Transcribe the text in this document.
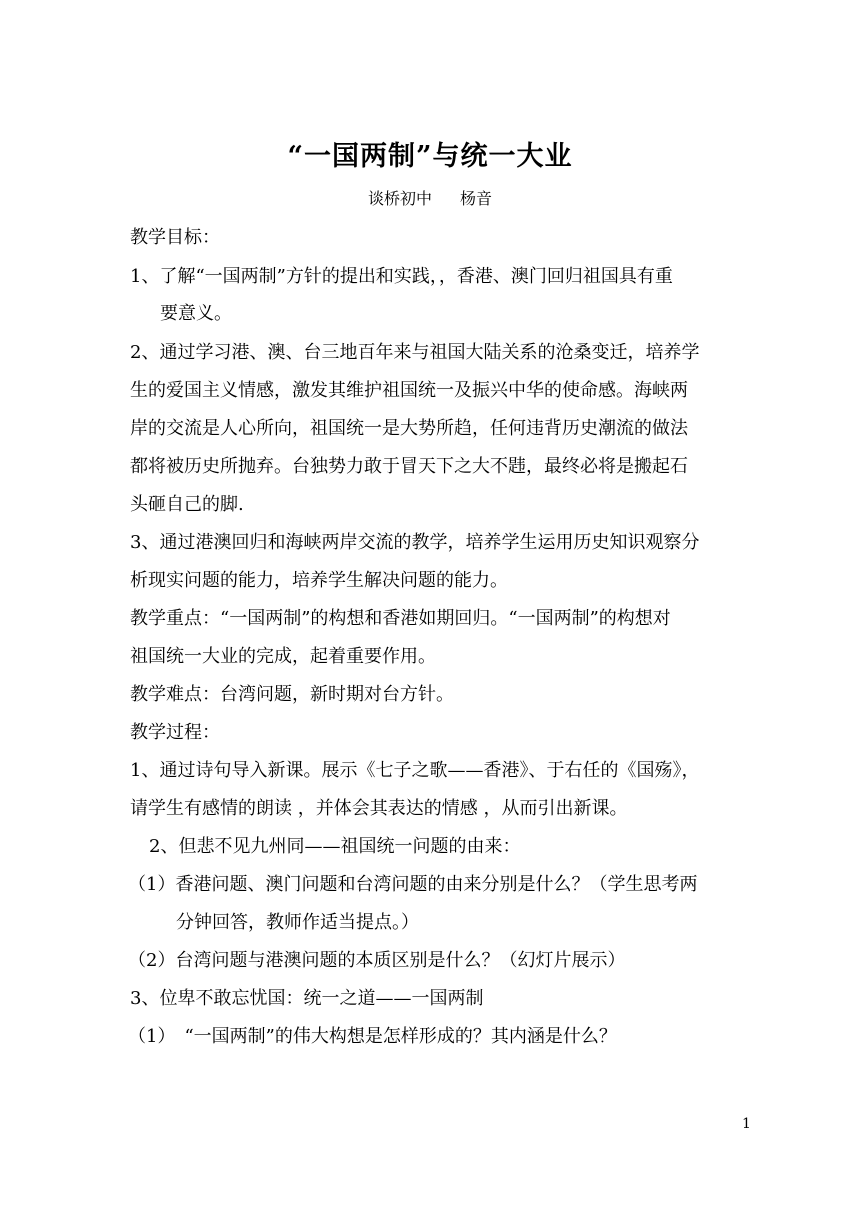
“一国两制”与统一大业
谈桥初中 杨音
教学目标：
1、了解“一国两制”方针的提出和实践，，香港、澳门回归祖国具有重
要意义。
2、通过学习港、澳、台三地百年来与祖国大陆关系的沧桑变迁，培养学
生的爱国主义情感，激发其维护祖国统一及振兴中华的使命感。海峡两
岸的交流是人心所向，祖国统一是大势所趋，任何违背历史潮流的做法
都将被历史所抛弃。台独势力敢于冒天下之大不韪，最终必将是搬起石
头砸自己的脚.
3、通过港澳回归和海峡两岸交流的教学，培养学生运用历史知识观察分
析现实问题的能力，培养学生解决问题的能力。
教学重点：“一国两制”的构想和香港如期回归。“一国两制”的构想对
祖国统一大业的完成，起着重要作用。
教学难点：台湾问题，新时期对台方针。
教学过程：
1、通过诗句导入新课。展示《七子之歌——香港》、于右任的《国殇》，
请学生有感情的朗读 ，并体会其表达的情感 ，从而引出新课。
2、但悲不见九州同——祖国统一问题的由来：
（1）香港问题、澳门问题和台湾问题的由来分别是什么？（学生思考两
分钟回答，教师作适当提点。）
（2）台湾问题与港澳问题的本质区别是什么？（幻灯片展示）
3、位卑不敢忘忧国：统一之道——一国两制
（1）　“一国两制”的伟大构想是怎样形成的？其内涵是什么？
1
